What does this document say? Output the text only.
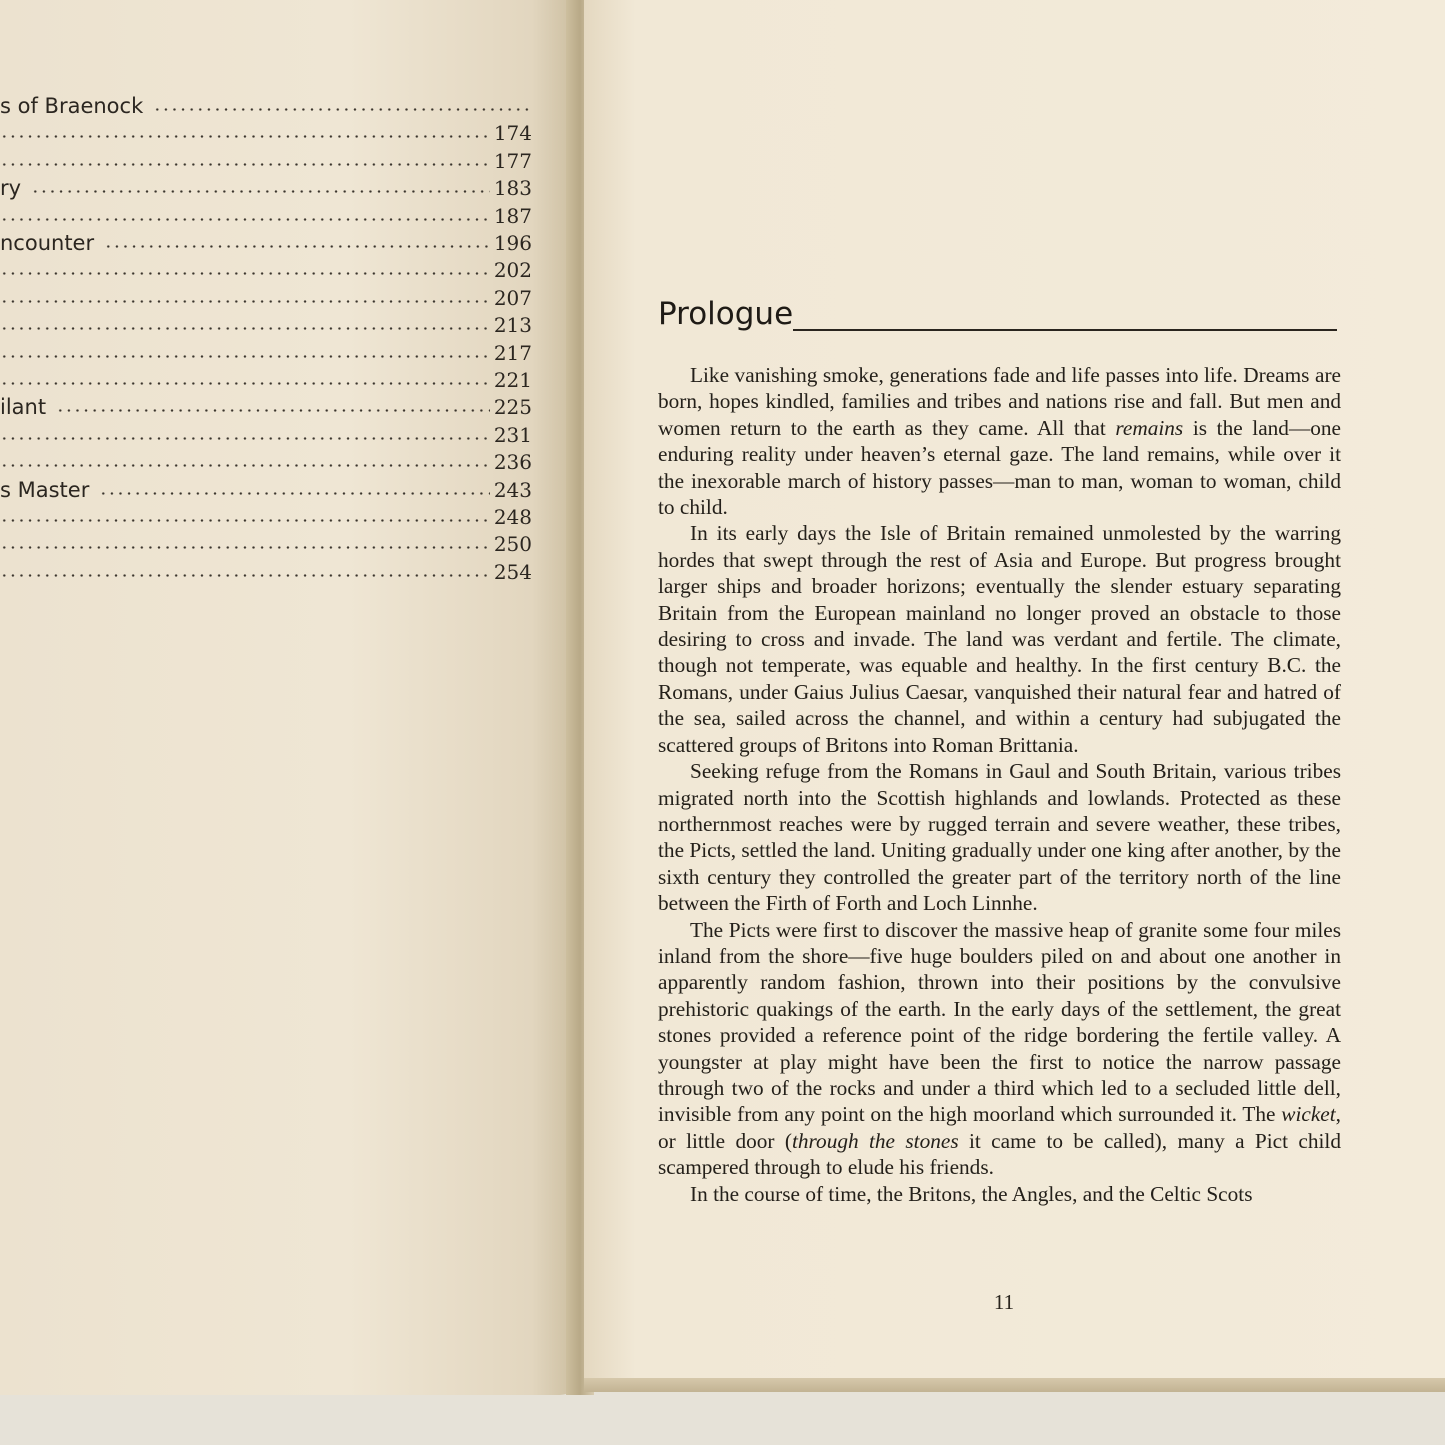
s of Braenock
174
177
ry	183
187
ncounter	196
202
207
213
217
221
ilant	225
231
236
s Master	243
248
250
254
Prologue

Like vanishing smoke, generations fade and life passes into life. Dreams are born, hopes kindled, families and tribes and nations rise and fall. But men and women return to the earth as they came. All that remains is the land—one enduring reality under heaven’s eternal gaze. The land remains, while over it the inexorable march of history passes—man to man, woman to woman, child to child.

In its early days the Isle of Britain remained unmolested by the warring hordes that swept through the rest of Asia and Europe. But progress brought larger ships and broader horizons; eventually the slender estuary separating Britain from the European mainland no longer proved an obstacle to those desiring to cross and invade. The land was verdant and fertile. The climate, though not temperate, was equable and healthy. In the first century B.C. the Romans, under Gaius Julius Caesar, vanquished their natural fear and hatred of the sea, sailed across the channel, and within a century had subjugated the scattered groups of Britons into Roman Brittania.

Seeking refuge from the Romans in Gaul and South Britain, various tribes migrated north into the Scottish highlands and lowlands. Protected as these northernmost reaches were by rugged terrain and severe weather, these tribes, the Picts, settled the land. Uniting gradually under one king after another, by the sixth century they controlled the greater part of the territory north of the line between the Firth of Forth and Loch Linnhe.

The Picts were first to discover the massive heap of granite some four miles inland from the shore—five huge boulders piled on and about one another in apparently random fashion, thrown into their positions by the convulsive prehistoric quakings of the earth. In the early days of the settlement, the great stones provided a reference point of the ridge bordering the fertile valley. A youngster at play might have been the first to notice the narrow passage through two of the rocks and under a third which led to a secluded little dell, invisible from any point on the high moorland which surrounded it. The wicket, or little door (through the stones it came to be called), many a Pict child scampered through to elude his friends.

In the course of time, the Britons, the Angles, and the Celtic Scots

11
